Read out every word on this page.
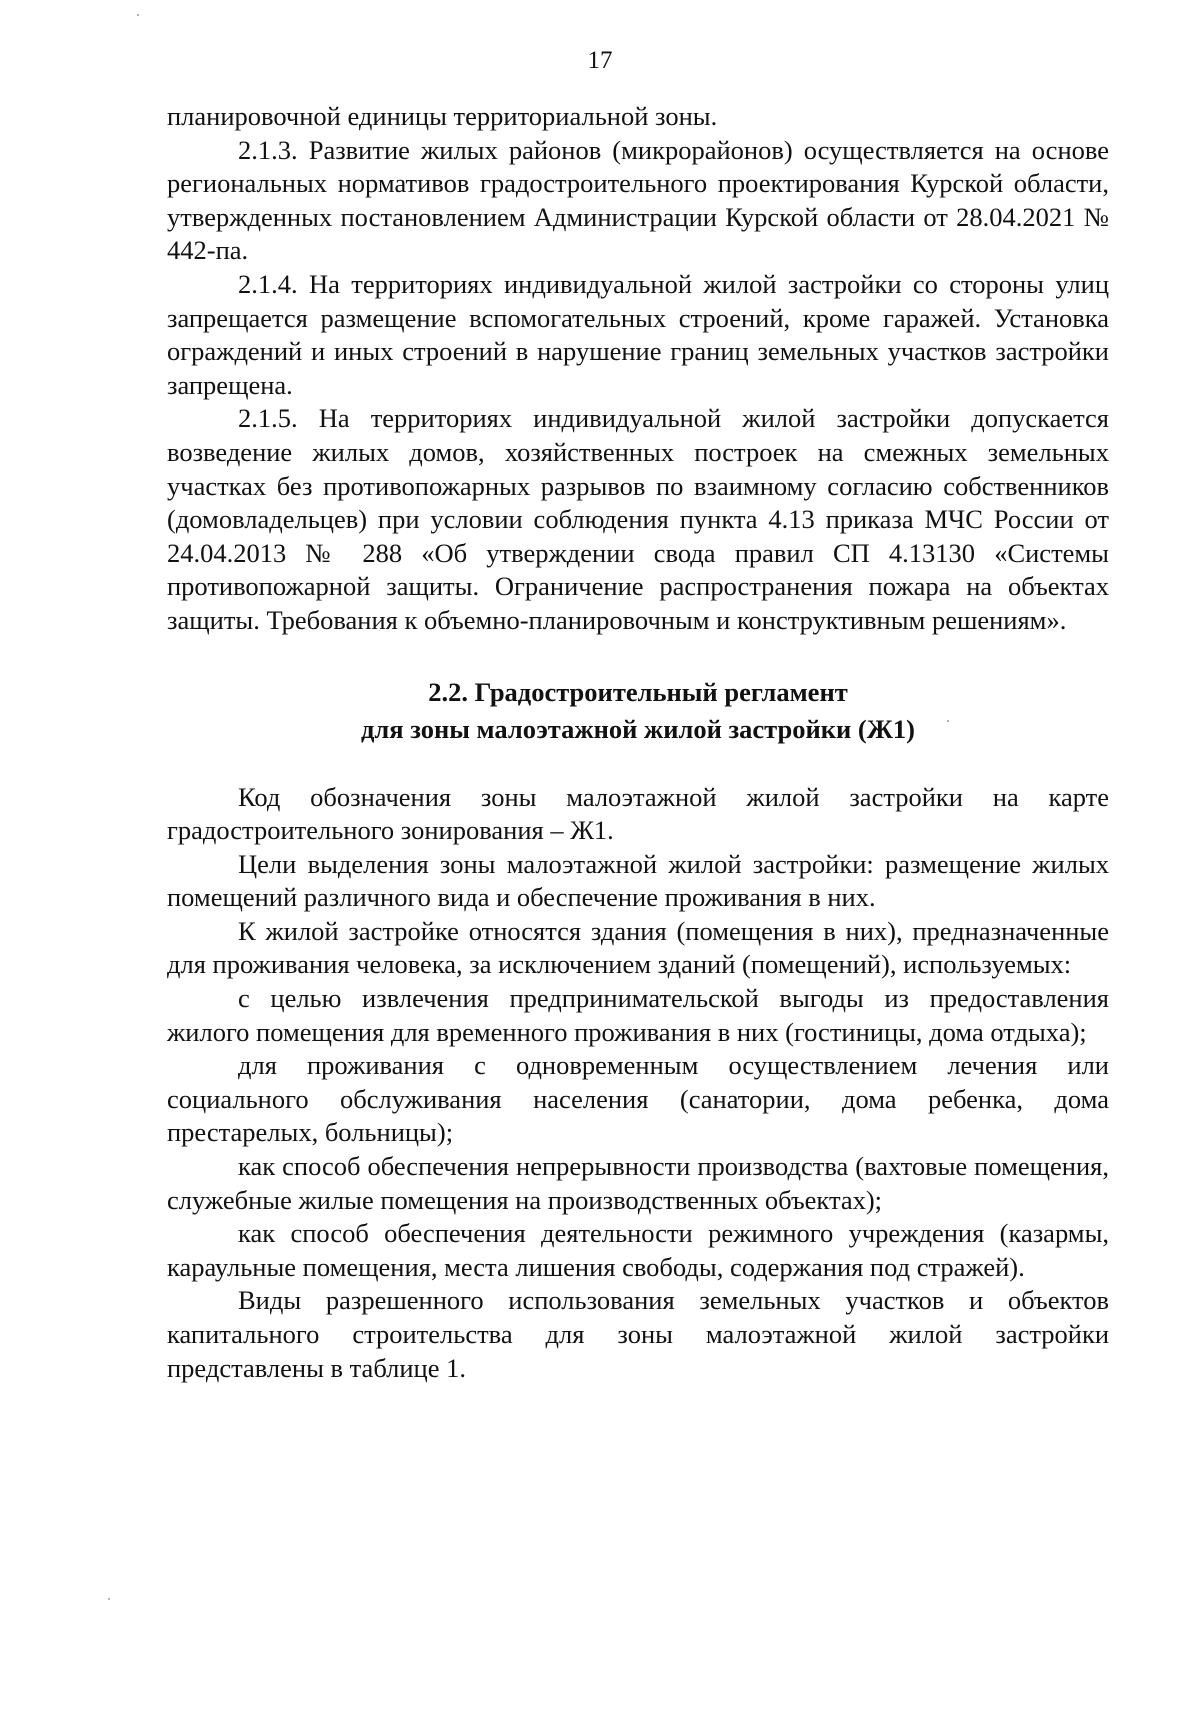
17

планировочной единицы территориальной зоны.

2.1.3. Развитие жилых районов (микрорайонов) осуществляется на основе региональных нормативов градостроительного проектирования Курской области, утвержденных постановлением Администрации Курской области от 28.04.2021 № 442-па.

2.1.4. На территориях индивидуальной жилой застройки со стороны улиц запрещается размещение вспомогательных строений, кроме гаражей. Установка ограждений и иных строений в нарушение границ земельных участков застройки запрещена.

2.1.5. На территориях индивидуальной жилой застройки допускается возведение жилых домов, хозяйственных построек на смежных земельных участках без противопожарных разрывов по взаимному согласию собственников (домовладельцев) при условии соблюдения пункта 4.13 приказа МЧС России от 24.04.2013 № 288 «Об утверждении свода правил СП 4.13130 «Системы противопожарной защиты. Ограничение распространения пожара на объектах защиты. Требования к объемно-планировочным и конструктивным решениям».

2.2. Градостроительный регламент
для зоны малоэтажной жилой застройки (Ж1)

Код обозначения зоны малоэтажной жилой застройки на карте градостроительного зонирования – Ж1.

Цели выделения зоны малоэтажной жилой застройки: размещение жилых помещений различного вида и обеспечение проживания в них.

К жилой застройке относятся здания (помещения в них), предназначенные для проживания человека, за исключением зданий (помещений), используемых:

с целью извлечения предпринимательской выгоды из предоставления жилого помещения для временного проживания в них (гостиницы, дома отдыха);

для проживания с одновременным осуществлением лечения или социального обслуживания населения (санатории, дома ребенка, дома престарелых, больницы);

как способ обеспечения непрерывности производства (вахтовые помещения, служебные жилые помещения на производственных объектах);

как способ обеспечения деятельности режимного учреждения (казармы, караульные помещения, места лишения свободы, содержания под стражей).

Виды разрешенного использования земельных участков и объектов капитального строительства для зоны малоэтажной жилой застройки представлены в таблице 1.
